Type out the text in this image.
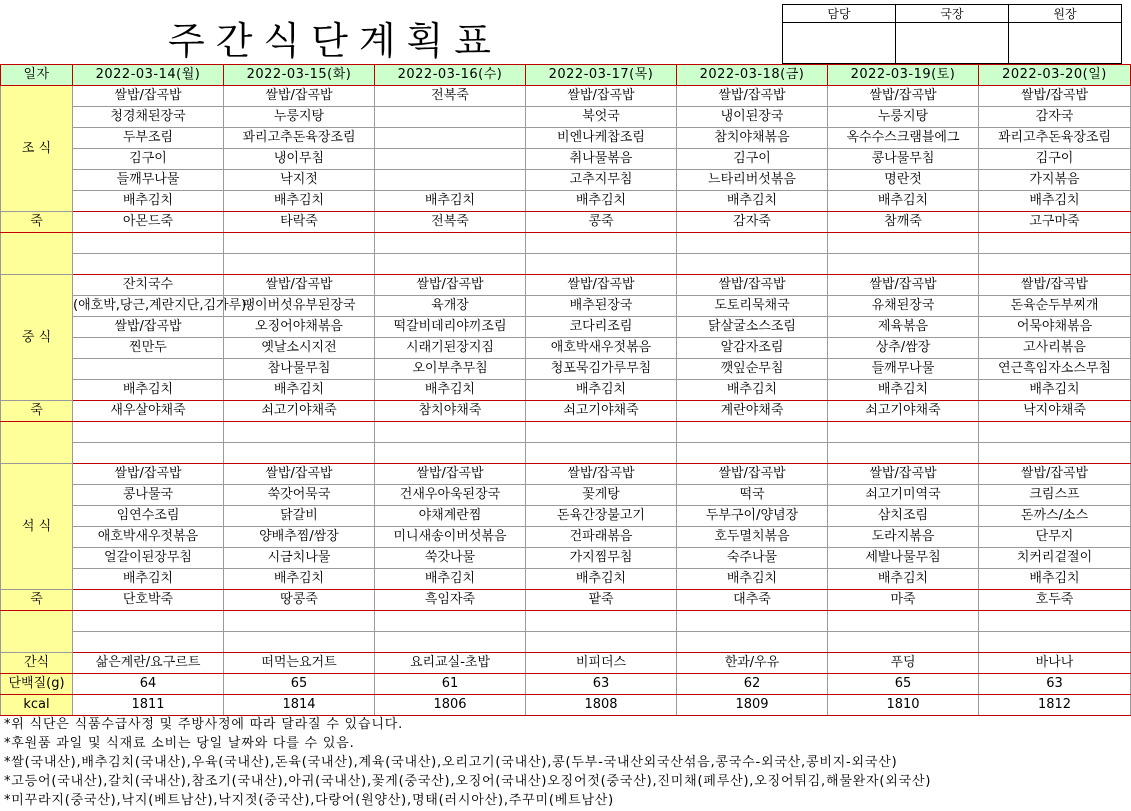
주간식단계획표
담당	국장	원장

일자	2022-03-14(월)	2022-03-15(화)	2022-03-16(수)	2022-03-17(목)	2022-03-18(금)	2022-03-19(토)	2022-03-20(일)
조 식	쌀밥/잡곡밥	쌀밥/잡곡밥	전복죽	쌀밥/잡곡밥	쌀밥/잡곡밥	쌀밥/잡곡밥	쌀밥/잡곡밥
	청경채된장국	누룽지탕		북엇국	냉이된장국	누룽지탕	감자국
	두부조림	꽈리고추돈육장조림		비엔나케찹조림	참치야채볶음	옥수수스크램블에그	꽈리고추돈육장조림
	김구이	냉이무침		취나물볶음	김구이	콩나물무침	김구이
	들깨무나물	낙지젓		고추지무침	느타리버섯볶음	명란젓	가지볶음
	배추김치	배추김치	배추김치	배추김치	배추김치	배추김치	배추김치
죽	아몬드죽	타락죽	전복죽	콩죽	감자죽	참깨죽	고구마죽

중 식	잔치국수	쌀밥/잡곡밥	쌀밥/잡곡밥	쌀밥/잡곡밥	쌀밥/잡곡밥	쌀밥/잡곡밥	쌀밥/잡곡밥
	(애호박,당근,계란지단,김가루)	팽이버섯유부된장국	육개장	배추된장국	도토리묵채국	유채된장국	돈육순두부찌개
	쌀밥/잡곡밥	오징어야채볶음	떡갈비데리야끼조림	코다리조림	닭살굴소스조림	제육볶음	어묵야채볶음
	찐만두	옛날소시지전	시래기된장지짐	애호박새우젓볶음	알감자조림	상추/쌈장	고사리볶음
		참나물무침	오이부추무침	청포묵김가루무침	깻잎순무침	들깨무나물	연근흑임자소스무침
	배추김치	배추김치	배추김치	배추김치	배추김치	배추김치	배추김치
죽	새우살야채죽	쇠고기야채죽	참치야채죽	쇠고기야채죽	계란야채죽	쇠고기야채죽	낙지야채죽

석 식	쌀밥/잡곡밥	쌀밥/잡곡밥	쌀밥/잡곡밥	쌀밥/잡곡밥	쌀밥/잡곡밥	쌀밥/잡곡밥	쌀밥/잡곡밥
	콩나물국	쑥갓어묵국	건새우아욱된장국	꽃게탕	떡국	쇠고기미역국	크림스프
	임연수조림	닭갈비	야채계란찜	돈육간장불고기	두부구이/양념장	삼치조림	돈까스/소스
	애호박새우젓볶음	양배추찜/쌈장	미니새송이버섯볶음	건파래볶음	호두멸치볶음	도라지볶음	단무지
	얼갈이된장무침	시금치나물	쑥갓나물	가지찜무침	숙주나물	세발나물무침	치커리겉절이
	배추김치	배추김치	배추김치	배추김치	배추김치	배추김치	배추김치
죽	단호박죽	땅콩죽	흑임자죽	팥죽	대추죽	마죽	호두죽

간식	삶은계란/요구르트	떠먹는요거트	요리교실-초밥	비피더스	한과/우유	푸딩	바나나
단백질(g)	64	65	61	63	62	65	63
kcal	1811	1814	1806	1808	1809	1810	1812
*위 식단은 식품수급사정 및 주방사정에 따라 달라질 수 있습니다.
*후원품 과일 및 식재료 소비는 당일 날짜와 다를 수 있음.
*쌀(국내산),배추김치(국내산),우육(국내산),돈육(국내산),계육(국내산),오리고기(국내산),콩(두부-국내산외국산섞음,콩국수-외국산,콩비지-외국산)
*고등어(국내산),갈치(국내산),참조기(국내산),아귀(국내산),꽃게(중국산),오징어(국내산)오징어젓(중국산),진미채(페루산),오징어튀김,해물완자(외국산)
*미꾸라지(중국산),낙지(베트남산),낙지젓(중국산),다랑어(원양산),명태(러시아산),주꾸미(베트남산)
